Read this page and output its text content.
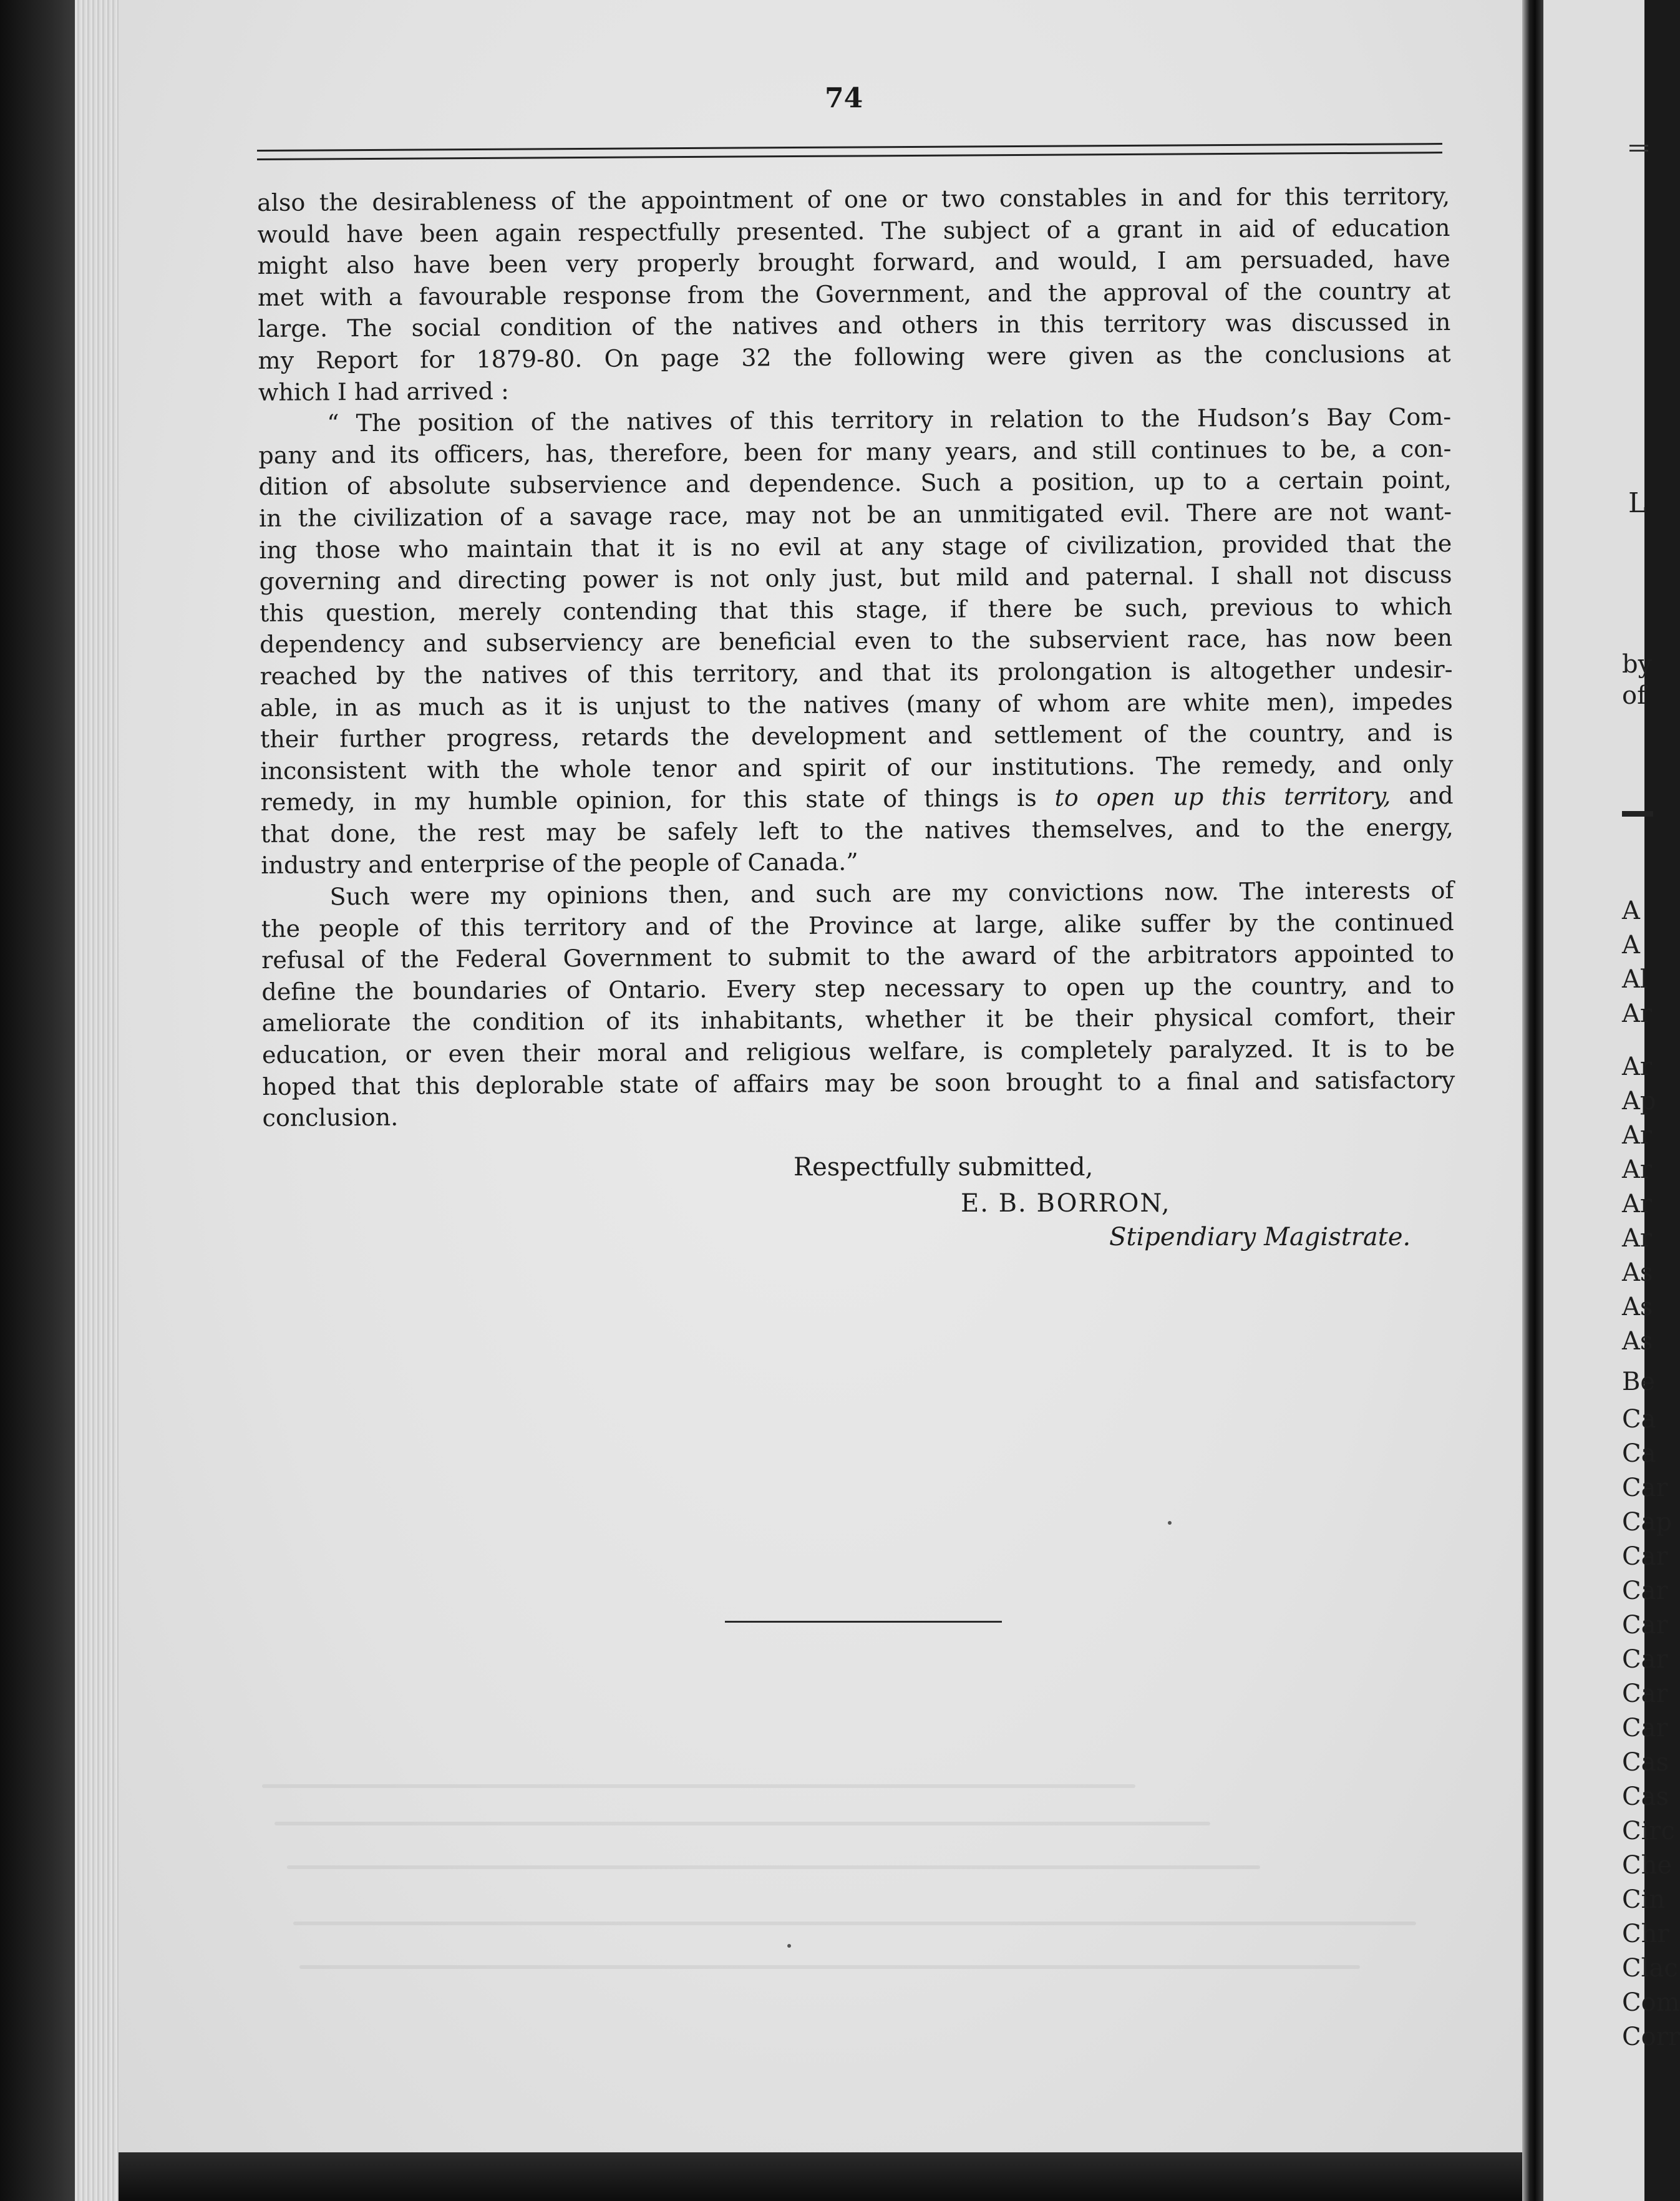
74
also the desirableness of the appointment of one or two constables in and for this territory,
would have been again respectfully presented. The subject of a grant in aid of education
might also have been very properly brought forward, and would, I am persuaded, have
met with a favourable response from the Government, and the approval of the country at
large. The social condition of the natives and others in this territory was discussed in
my Report for 1879-80. On page 32 the following were given as the conclusions at
which I had arrived :
“ The position of the natives of this territory in relation to the Hudson’s Bay Com-
pany and its officers, has, therefore, been for many years, and still continues to be, a con-
dition of absolute subservience and dependence. Such a position, up to a certain point,
in the civilization of a savage race, may not be an unmitigated evil. There are not want-
ing those who maintain that it is no evil at any stage of civilization, provided that the
governing and directing power is not only just, but mild and paternal. I shall not discuss
this question, merely contending that this stage, if there be such, previous to which
dependency and subserviency are beneficial even to the subservient race, has now been
reached by the natives of this territory, and that its prolongation is altogether undesir-
able, in as much as it is unjust to the natives (many of whom are white men), impedes
their further progress, retards the development and settlement of the country, and is
inconsistent with the whole tenor and spirit of our institutions. The remedy, and only
remedy, in my humble opinion, for this state of things is to open up this territory, and
that done, the rest may be safely left to the natives themselves, and to the energy,
industry and enterprise of the people of Canada.”
Such were my opinions then, and such are my convictions now. The interests of
the people of this territory and of the Province at large, alike suffer by the continued
refusal of the Federal Government to submit to the award of the arbitrators appointed to
define the boundaries of Ontario. Every step necessary to open up the country, and to
ameliorate the condition of its inhabitants, whether it be their physical comfort, their
education, or even their moral and religious welfare, is completely paralyzed. It is to be
hoped that this deplorable state of affairs may be soon brought to a final and satisfactory
conclusion.
Respectfully submitted,
E. B. BORRON,
Stipendiary Magistrate.
L
by
of
A
A
Al
Ar
Ar
Ap
Ar
Ar
Ar
Ar
As
As
As
Be
Ca
Ca
Car
Cap
Car
Car
Car
Car
Car
Car
Cas
Cas
Circ
Che
Cin
Chr
Clac
Com
Corr
